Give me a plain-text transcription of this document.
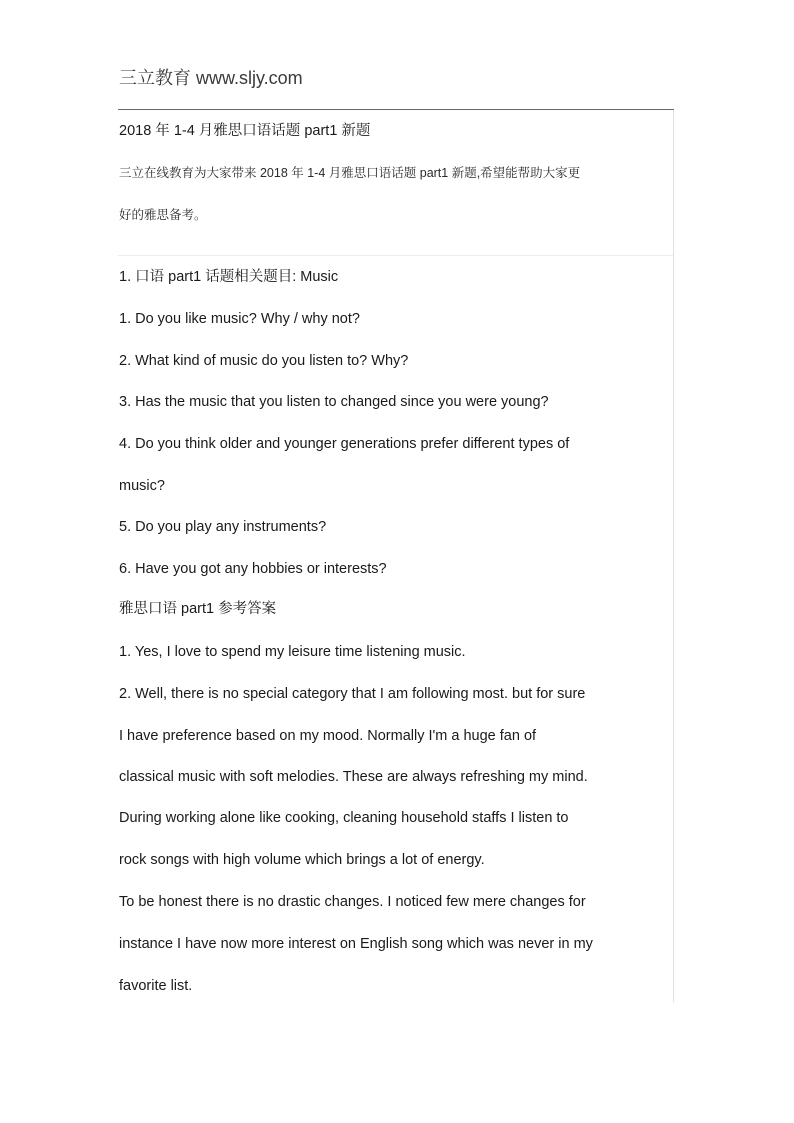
三立教育 www.sljy.com
2018 年 1-4 月雅思口语话题 part1 新题
三立在线教育为大家带来 2018 年 1-4 月雅思口语话题 part1 新题,希望能帮助大家更
好的雅思备考。
1. 口语 part1 话题相关题目: Music
1. Do you like music? Why / why not?
2. What kind of music do you listen to? Why?
3. Has the music that you listen to changed since you were young?
4. Do you think older and younger generations prefer different types of
music?
5. Do you play any instruments?
6. Have you got any hobbies or interests?
雅思口语 part1 参考答案
1. Yes, I love to spend my leisure time listening music.
2. Well, there is no special category that I am following most. but for sure
I have preference based on my mood. Normally I'm a huge fan of
classical music with soft melodies. These are always refreshing my mind.
During working alone like cooking, cleaning household staffs I listen to
rock songs with high volume which brings a lot of energy.
To be honest there is no drastic changes. I noticed few mere changes for
instance I have now more interest on English song which was never in my
favorite list.
